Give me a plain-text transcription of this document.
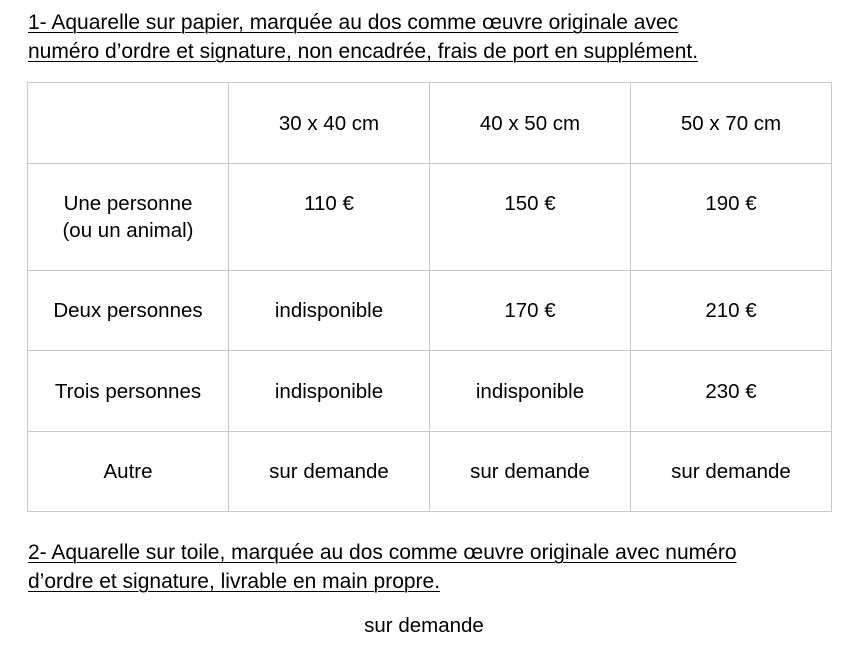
1- Aquarelle sur papier, marquée au dos comme œuvre originale avec
numéro d’ordre et signature, non encadrée, frais de port en supplément.

	30 x 40 cm	40 x 50 cm	50 x 70 cm

Une personne
(ou un animal)	110 €	150 €	190 €

Deux personnes	indisponible	170 €	210 €

Trois personnes	indisponible	indisponible	230 €

Autre	sur demande	sur demande	sur demande

2- Aquarelle sur toile, marquée au dos comme œuvre originale avec numéro
d’ordre et signature, livrable en main propre.

sur demande
